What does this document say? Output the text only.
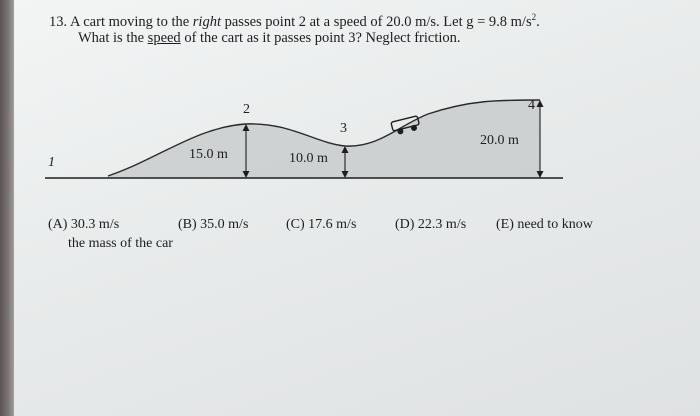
13. A cart moving to the right passes point 2 at a speed of 20.0 m/s. Let g = 9.8 $m/s^2$.
What is the speed of the cart as it passes point 3? Neglect friction.
1
2
3
4
15.0 m	10.0 m
20.0 m
(A) 30.3 m/s	(B) 35.0 m/s	(C) 17.6 m/s	(D) 22.3 m/s (E) need to know
the mass of the car
